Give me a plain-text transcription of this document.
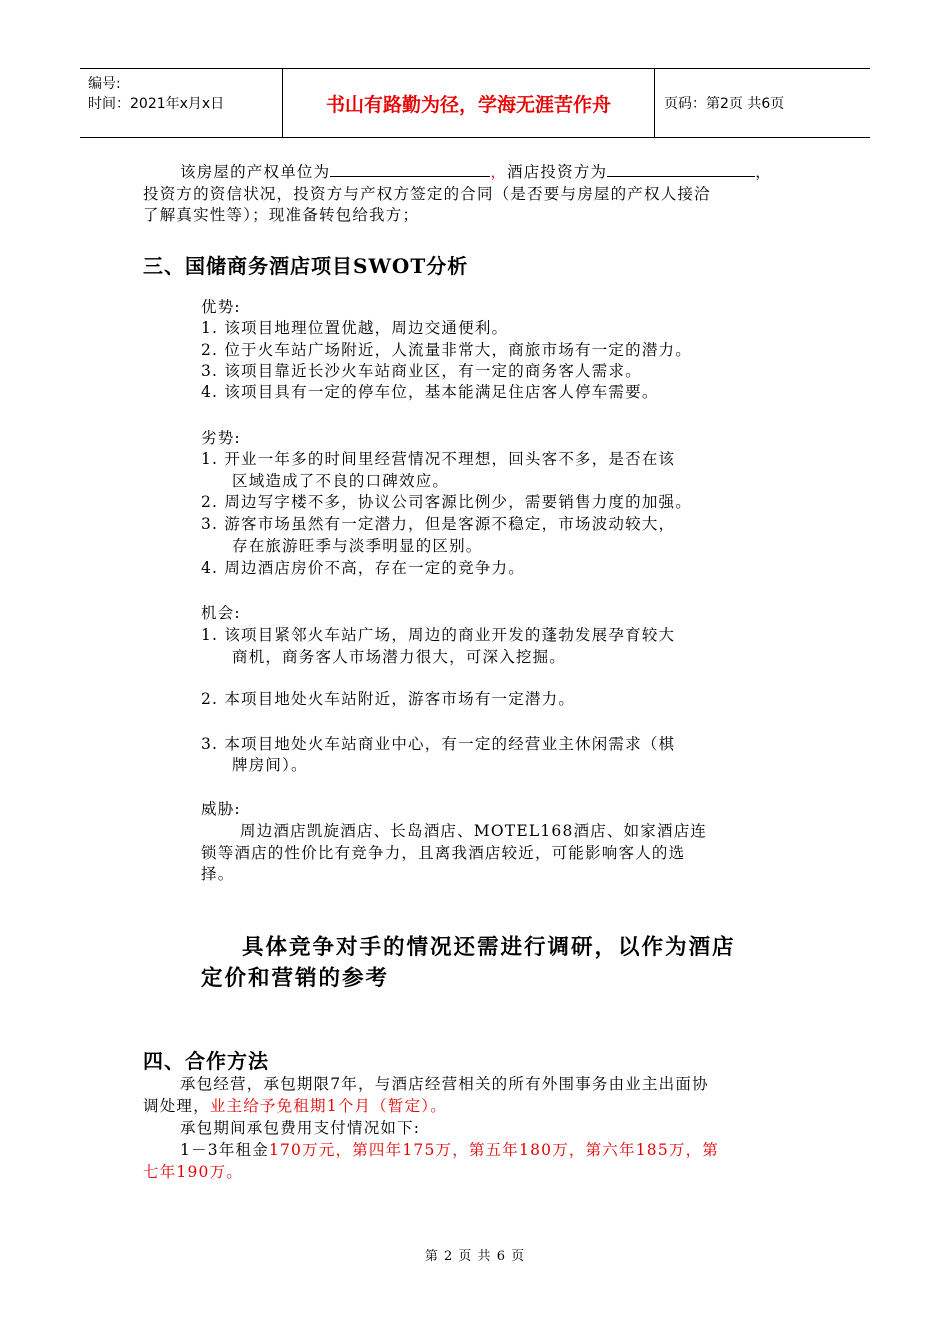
编号:
时间：2021年x月x日	书山有路勤为径，学海无涯苦作舟	页码：第2页 共6页
该房屋的产权单位为	，酒店投资方为	，
投资方的资信状况，投资方与产权方签定的合同（是否要与房屋的产权人接洽
了解真实性等）；现准备转包给我方；
三、国储商务酒店项目SWOT分析
优势:
1. 该项目地理位置优越，周边交通便利。
2. 位于火车站广场附近，人流量非常大，商旅市场有一定的潜力。
3. 该项目靠近长沙火车站商业区，有一定的商务客人需求。
4. 该项目具有一定的停车位，基本能满足住店客人停车需要。
劣势:
1. 开业一年多的时间里经营情况不理想，回头客不多，是否在该
区域造成了不良的口碑效应。
2. 周边写字楼不多，协议公司客源比例少，需要销售力度的加强。
3. 游客市场虽然有一定潜力，但是客源不稳定，市场波动较大，
存在旅游旺季与淡季明显的区别。
4. 周边酒店房价不高，存在一定的竞争力。
机会:
1. 该项目紧邻火车站广场，周边的商业开发的蓬勃发展孕育较大
商机，商务客人市场潜力很大，可深入挖掘。
2. 本项目地处火车站附近，游客市场有一定潜力。
3. 本项目地处火车站商业中心，有一定的经营业主休闲需求（棋
牌房间）。
威胁:
周边酒店凯旋酒店、长岛酒店、MOTEL168酒店、如家酒店连
锁等酒店的性价比有竞争力，且离我酒店较近，可能影响客人的选
择。
具体竞争对手的情况还需进行调研，以作为酒店
定价和营销的参考
四、合作方法
承包经营，承包期限7年，与酒店经营相关的所有外围事务由业主出面协
调处理，业主给予免租期1个月（暂定）。
承包期间承包费用支付情况如下:
1－3年租金170万元，第四年175万，第五年180万，第六年185万，第
七年190万。
第 2 页 共 6 页
